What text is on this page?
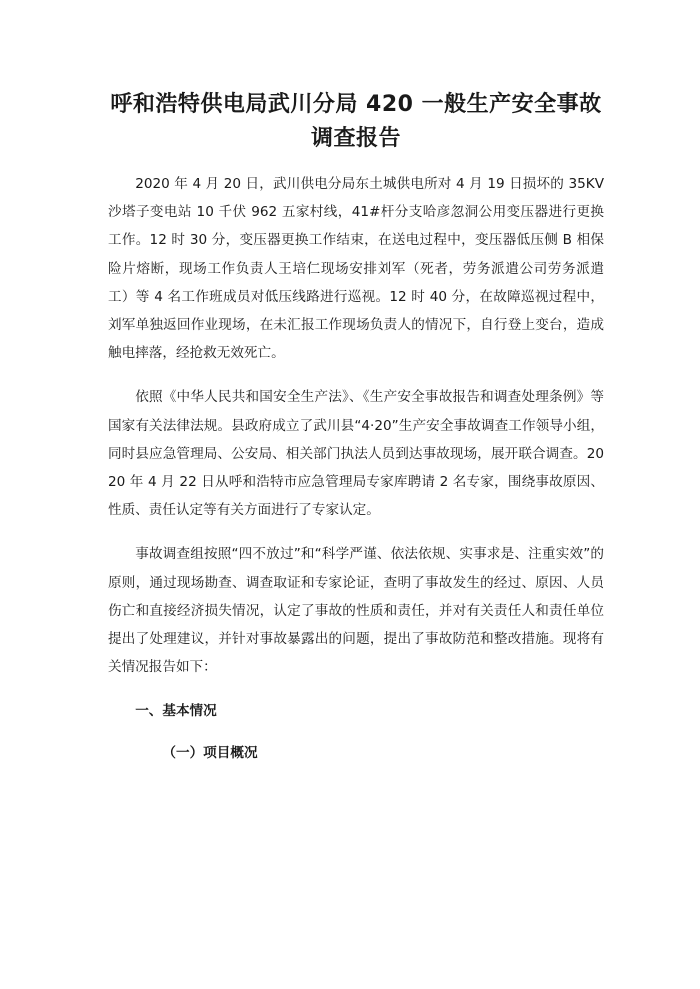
呼和浩特供电局武川分局 420 一般生产安全事故
调查报告

2020 年 4 月 20 日，武川供电分局东土城供电所对 4 月 19 日损坏的 35KV 沙塔子变电站 10 千伏 962 五家村线，41#杆分支哈彦忽洞公用变压器进行更换工作。12 时 30 分，变压器更换工作结束，在送电过程中，变压器低压侧 B 相保险片熔断，现场工作负责人王培仁现场安排刘军（死者，劳务派遣公司劳务派遣工）等 4 名工作班成员对低压线路进行巡视。12 时 40 分，在故障巡视过程中，刘军单独返回作业现场，在未汇报工作现场负责人的情况下，自行登上变台，造成触电摔落，经抢救无效死亡。

依照《中华人民共和国安全生产法》、《生产安全事故报告和调查处理条例》等国家有关法律法规。县政府成立了武川县“4·20”生产安全事故调查工作领导小组，同时县应急管理局、公安局、相关部门执法人员到达事故现场，展开联合调查。2020 年 4 月 22 日从呼和浩特市应急管理局专家库聘请 2 名专家，围绕事故原因、性质、责任认定等有关方面进行了专家认定。

事故调查组按照“四不放过”和“科学严谨、依法依规、实事求是、注重实效”的原则，通过现场勘查、调查取证和专家论证，查明了事故发生的经过、原因、人员伤亡和直接经济损失情况，认定了事故的性质和责任，并对有关责任人和责任单位提出了处理建议，并针对事故暴露出的问题，提出了事故防范和整改措施。现将有关情况报告如下：

一、基本情况
（一）项目概况
